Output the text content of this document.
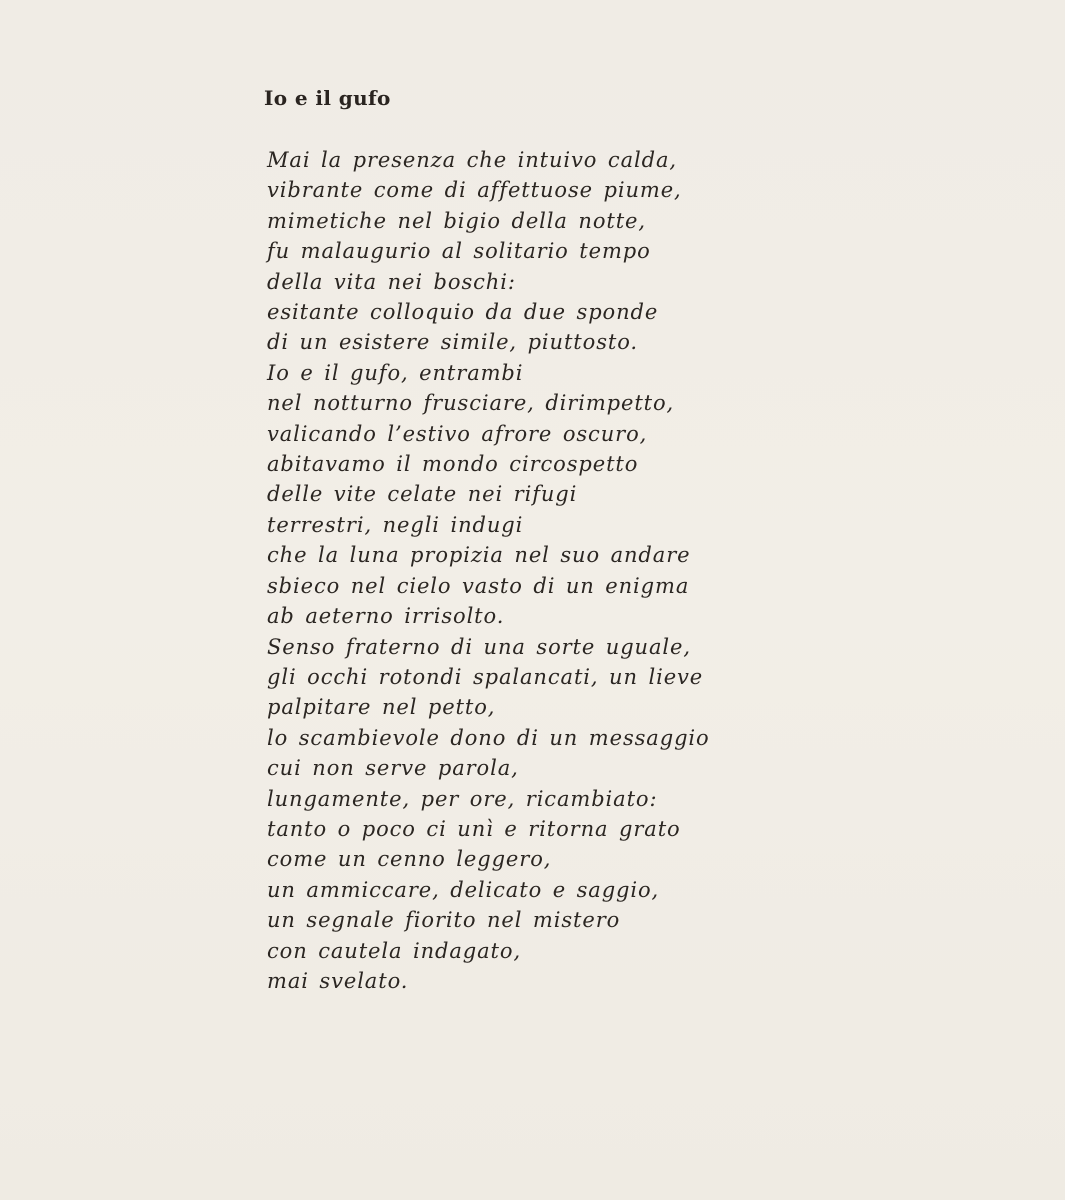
Io e il gufo
Mai la presenza che intuivo calda,
vibrante come di affettuose piume,
mimetiche nel bigio della notte,
fu malaugurio al solitario tempo
della vita nei boschi:
esitante colloquio da due sponde
di un esistere simile, piuttosto.
Io e il gufo, entrambi
nel notturno frusciare, dirimpetto,
valicando l’estivo afrore oscuro,
abitavamo il mondo circospetto
delle vite celate nei rifugi
terrestri, negli indugi
che la luna propizia nel suo andare
sbieco nel cielo vasto di un enigma
ab aeterno irrisolto.
Senso fraterno di una sorte uguale,
gli occhi rotondi spalancati, un lieve
palpitare nel petto,
lo scambievole dono di un messaggio
cui non serve parola,
lungamente, per ore, ricambiato:
tanto o poco ci unì e ritorna grato
come un cenno leggero,
un ammiccare, delicato e saggio,
un segnale fiorito nel mistero
con cautela indagato,
mai svelato.
